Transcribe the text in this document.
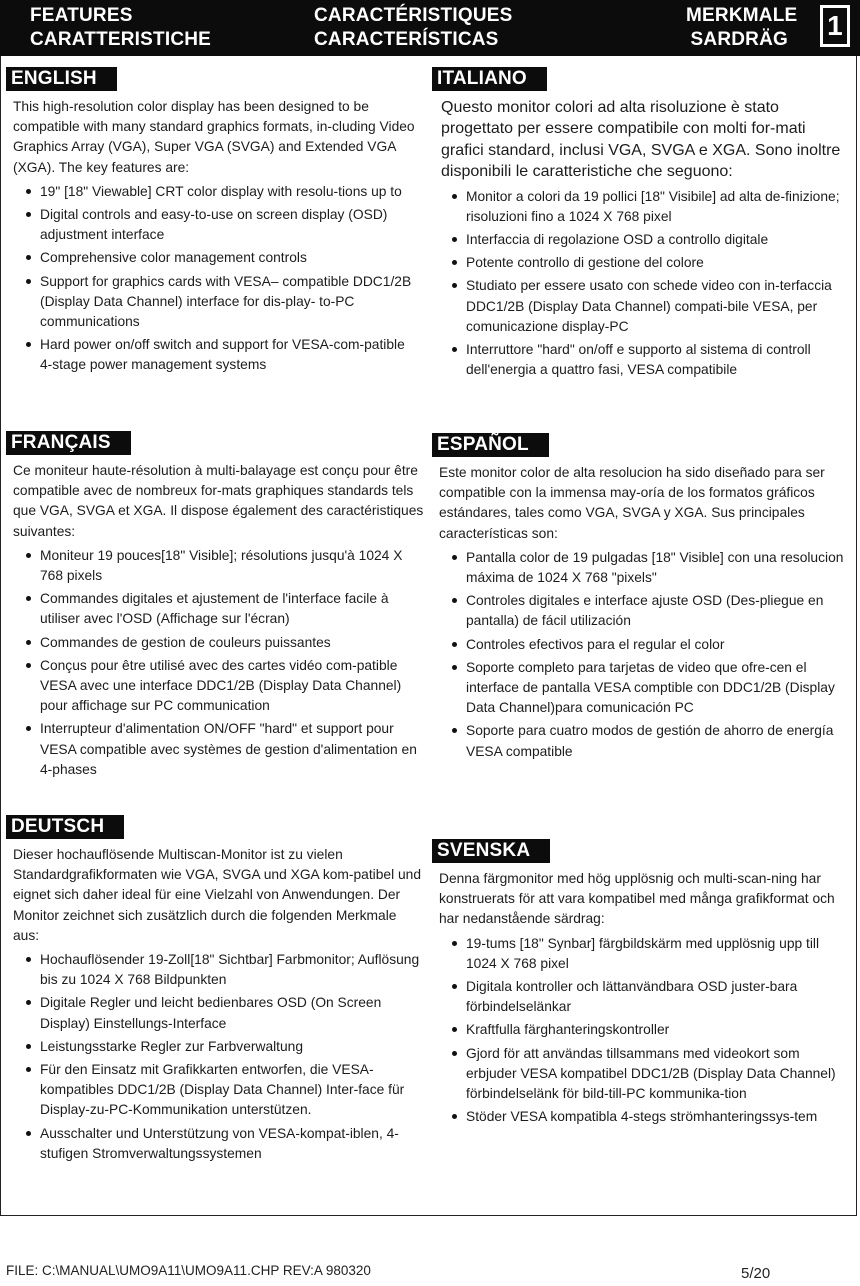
FEATURES
CARATTERISTICHE
CARACTÉRISTIQUES
CARACTERÍSTICAS
MERKMALE
SARDRÄG 1
ENGLISH
This high-resolution color display has been designed to be compatible with many standard graphics formats, in-cluding Video Graphics Array (VGA), Super VGA (SVGA) and Extended VGA (XGA). The key features are:
19" [18" Viewable] CRT color display with resolu-tions up to
Digital controls and easy-to-use on screen display (OSD) adjustment interface
Comprehensive color management controls
Support for graphics cards with VESA– compatible DDC1/2B (Display Data Channel) interface for dis-play- to-PC communications
Hard power on/off switch and support for VESA-com-patible 4-stage power management systems
ITALIANO
Questo monitor colori ad alta risoluzione è stato progettato per essere compatibile con molti for-mati grafici standard, inclusi VGA, SVGA e XGA. Sono inoltre disponibili le caratteristiche che seguono:
Monitor a colori da 19 pollici [18" Visibile] ad alta de-finizione; risoluzioni fino a 1024 X 768 pixel
Interfaccia di regolazione OSD a controllo digitale
Potente controllo di gestione del colore
Studiato per essere usato con schede video con in-terfaccia DDC1/2B (Display Data Channel) compati-bile VESA, per comunicazione display-PC
Interruttore "hard" on/off e supporto al sistema di controll dell'energia a quattro fasi, VESA compatibile
FRANÇAIS
Ce moniteur haute-résolution à multi-balayage est conçu pour être compatible avec de nombreux for-mats graphiques standards tels que VGA, SVGA et XGA. Il dispose également des caractéristiques suivantes:
Moniteur 19 pouces[18" Visible]; résolutions jusqu'à 1024 X 768 pixels
Commandes digitales et ajustement de l'interface facile à utiliser avec l'OSD (Affichage sur l'écran)
Commandes de gestion de couleurs puissantes
Conçus pour être utilisé avec des cartes vidéo com-patible VESA avec une interface DDC1/2B (Display Data Channel) pour affichage sur PC communication
Interrupteur d'alimentation ON/OFF "hard" et support pour VESA compatible avec systèmes de gestion d'alimentation en 4-phases
ESPAÑOL
Este monitor color de alta resolucion ha sido diseñado para ser compatible con la immensa may-oría de los formatos gráficos estándares, tales como VGA, SVGA y XGA. Sus principales características son:
Pantalla color de 19 pulgadas [18" Visible] con una resolucion máxima de 1024 X 768 "pixels"
Controles digitales e interface ajuste OSD (Des-pliegue en pantalla) de fácil utilización
Controles efectivos para el regular el color
Soporte completo para tarjetas de video que ofre-cen el interface de pantalla VESA comptible con DDC1/2B (Display Data Channel)para comunicación PC
Soporte para cuatro modos de gestión de ahorro de energía VESA compatible
DEUTSCH
Dieser hochauflösende Multiscan-Monitor ist zu vielen Standardgrafikformaten wie VGA, SVGA und XGA kom-patibel und eignet sich daher ideal für eine Vielzahl von Anwendungen. Der Monitor zeichnet sich zusätzlich durch die folgenden Merkmale aus:
Hochauflösender 19-Zoll[18" Sichtbar] Farbmonitor; Auflösung bis zu 1024 X 768 Bildpunkten
Digitale Regler und leicht bedienbares OSD (On Screen Display) Einstellungs-Interface
Leistungsstarke Regler zur Farbverwaltung
Für den Einsatz mit Grafikkarten entworfen, die VESA-kompatibles DDC1/2B (Display Data Channel) Inter-face für Display-zu-PC-Kommunikation unterstützen.
Ausschalter und Unterstützung von VESA-kompat-iblen, 4-stufigen Stromverwaltungssystemen
SVENSKA
Denna färgmonitor med hög upplösnig och multi-scan-ning har konstruerats för att vara kompatibel med många grafikformat och har nedanstående särdrag:
19-tums [18" Synbar] färgbildskärm med upplösnig upp till 1024 X 768 pixel
Digitala kontroller och lättanvändbara OSD juster-bara förbindelselänkar
Kraftfulla färghanteringskontroller
Gjord för att användas tillsammans med videokort som erbjuder VESA kompatibel DDC1/2B (Display Data Channel) förbindelselänk för bild-till-PC kommunika-tion
Stöder VESA kompatibla 4-stegs strömhanteringssys-tem
FILE: C:\MANUAL\UMO9A11\UMO9A11.CHP REV:A 980320	5/20
